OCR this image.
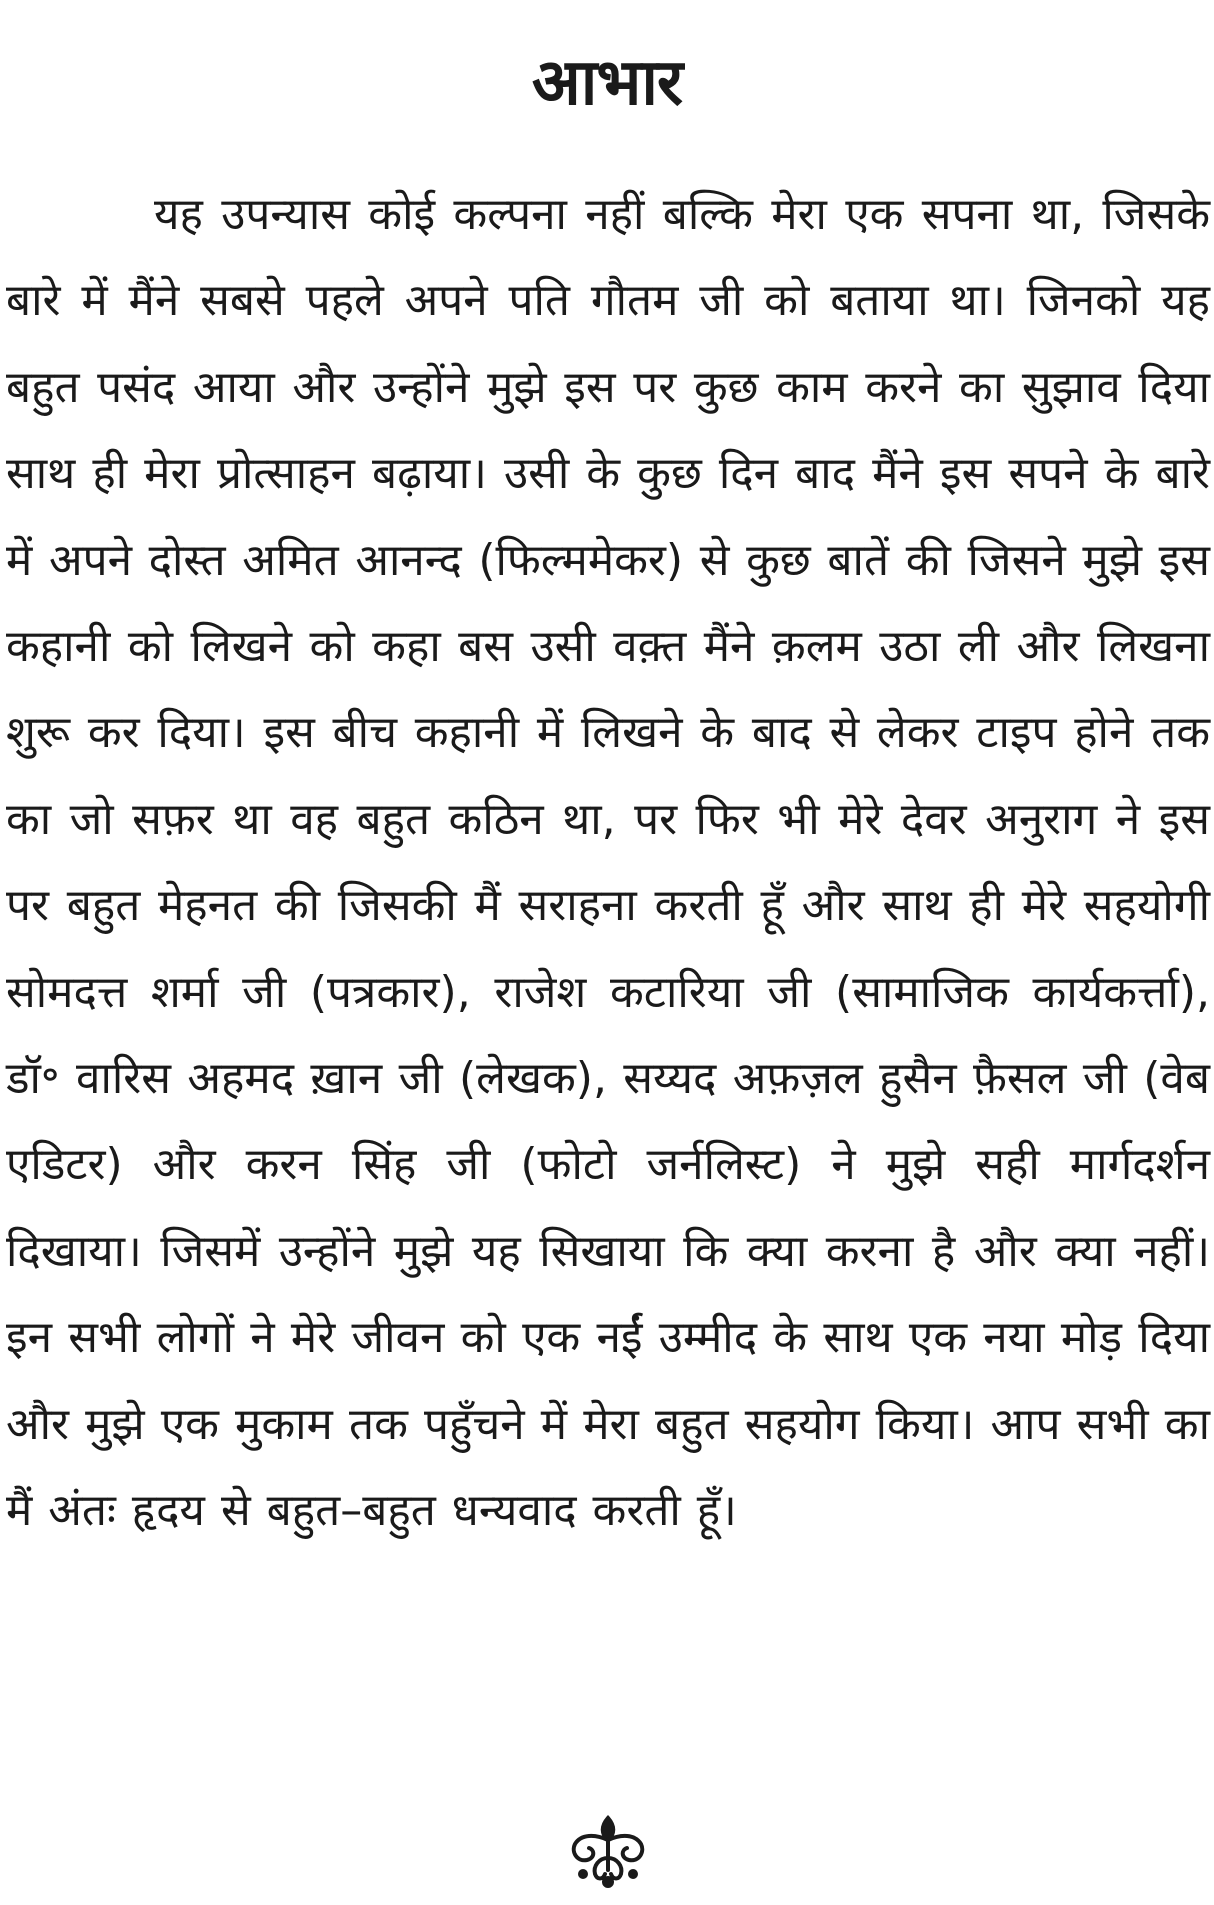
आभार

यह उपन्यास कोई कल्पना नहीं बल्कि मेरा एक सपना था, जिसके बारे में मैंने सबसे पहले अपने पति गौतम जी को बताया था। जिनको यह बहुत पसंद आया और उन्होंने मुझे इस पर कुछ काम करने का सुझाव दिया साथ ही मेरा प्रोत्साहन बढ़ाया। उसी के कुछ दिन बाद मैंने इस सपने के बारे में अपने दोस्त अमित आनन्द (फिल्ममेकर) से कुछ बातें की जिसने मुझे इस कहानी को लिखने को कहा बस उसी वक़्त मैंने क़लम उठा ली और लिखना शुरू कर दिया। इस बीच कहानी में लिखने के बाद से लेकर टाइप होने तक का जो सफ़र था वह बहुत कठिन था, पर फिर भी मेरे देवर अनुराग ने इस पर बहुत मेहनत की जिसकी मैं सराहना करती हूँ और साथ ही मेरे सहयोगी सोमदत्त शर्मा जी (पत्रकार), राजेश कटारिया जी (सामाजिक कार्यकर्त्ता), डॉ॰ वारिस अहमद ख़ान जी (लेखक), सय्यद अफ़ज़ल हुसैन फ़ैसल जी (वेब एडिटर) और करन सिंह जी (फोटो जर्नलिस्ट) ने मुझे सही मार्गदर्शन दिखाया। जिसमें उन्होंने मुझे यह सिखाया कि क्या करना है और क्या नहीं। इन सभी लोगों ने मेरे जीवन को एक नईं उम्मीद के साथ एक नया मोड़ दिया और मुझे एक मुकाम तक पहुँचने में मेरा बहुत सहयोग किया। आप सभी का मैं अंतः हृदय से बहुत–बहुत धन्यवाद करती हूँ।
